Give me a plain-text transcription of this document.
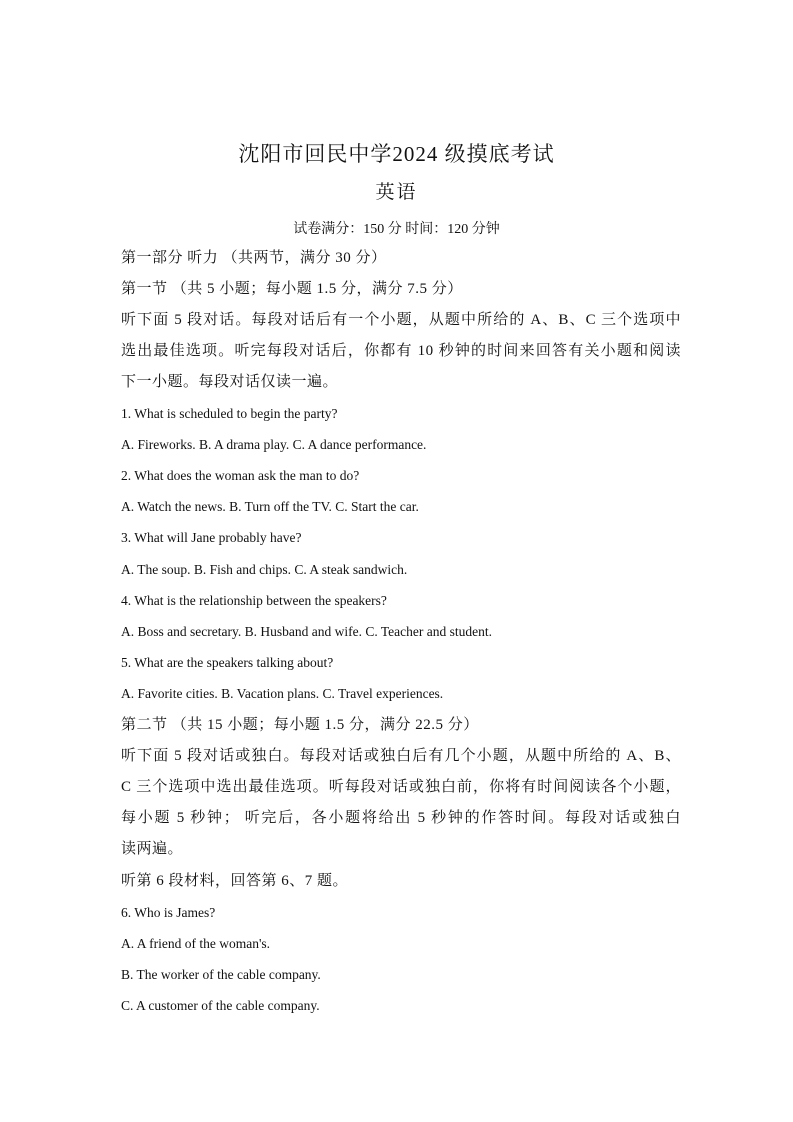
沈阳市回民中学2024 级摸底考试
英语
试卷满分：150 分 时间：120 分钟
第一部分 听力 （共两节，满分 30 分）
第一节 （共 5 小题；每小题 1.5 分，满分 7.5 分）
听下面 5 段对话。每段对话后有一个小题，从题中所给的 A、B、C 三个选项中
选出最佳选项。听完每段对话后，你都有 10 秒钟的时间来回答有关小题和阅读
下一小题。每段对话仅读一遍。
1. What is scheduled to begin the party?
A. Fireworks. B. A drama play. C. A dance performance.
2. What does the woman ask the man to do?
A. Watch the news. B. Turn off the TV. C. Start the car.
3. What will Jane probably have?
A. The soup. B. Fish and chips. C. A steak sandwich.
4. What is the relationship between the speakers?
A. Boss and secretary. B. Husband and wife. C. Teacher and student.
5. What are the speakers talking about?
A. Favorite cities. B. Vacation plans. C. Travel experiences.
第二节 （共 15 小题；每小题 1.5 分，满分 22.5 分）
听下面 5 段对话或独白。每段对话或独白后有几个小题，从题中所给的 A、B、
C 三个选项中选出最佳选项。听每段对话或独白前，你将有时间阅读各个小题，
每小题 5 秒钟； 听完后，各小题将给出 5 秒钟的作答时间。每段对话或独白
读两遍。
听第 6 段材料，回答第 6、7 题。
6. Who is James?
A. A friend of the woman's.
B. The worker of the cable company.
C. A customer of the cable company.
